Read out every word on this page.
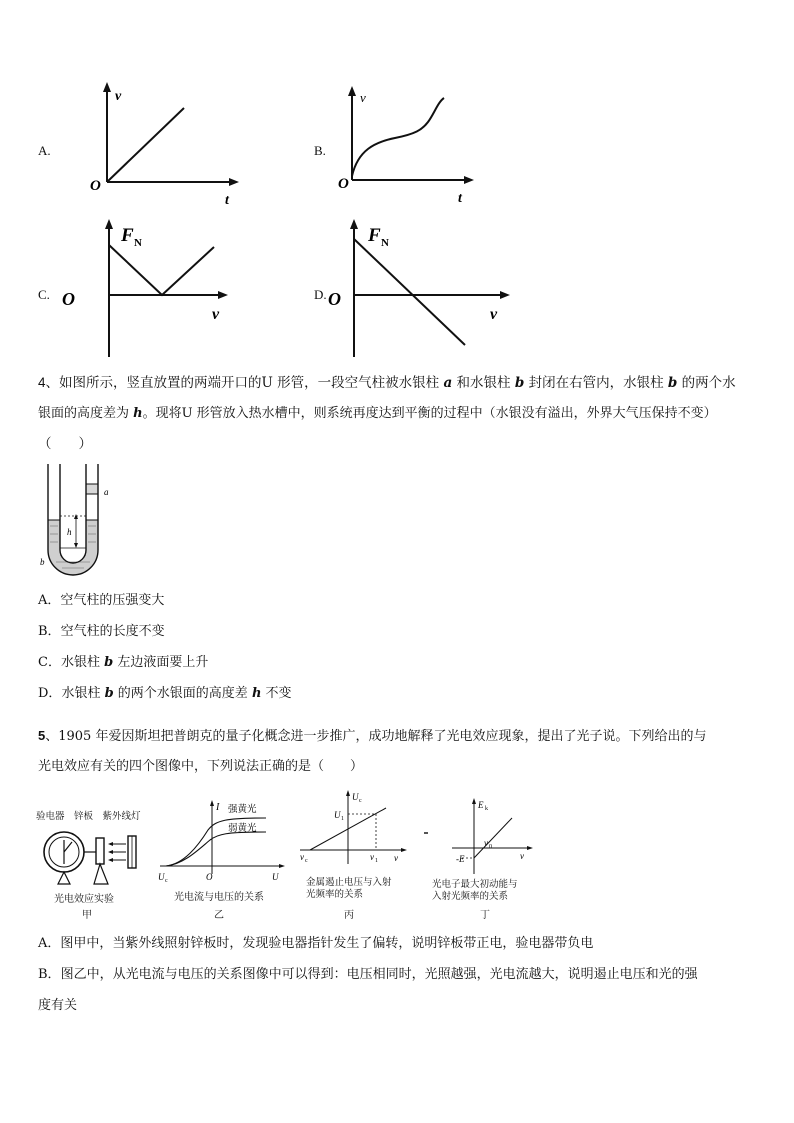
A.
v
O
t
B.
v
O
t
C.
F N
O
v
D.
F N
O
v
4、如图所示，竖直放置的两端开口的U 形管，一段空气柱被水银柱 a 和水银柱 b 封闭在右管内，水银柱 b 的两个水
银面的高度差为 h。现将U 形管放入热水槽中，则系统再度达到平衡的过程中（水银没有溢出，外界大气压保持不变）
（　　）
a
h
b
A．空气柱的压强变大
B．空气柱的长度不变
C．水银柱 b 左边液面要上升
D．水银柱 b 的两个水银面的高度差 h 不变
5、1905 年爱因斯坦把普朗克的量子化概念进一步推广，成功地解释了光电效应现象，提出了光子说。下列给出的与
光电效应有关的四个图像中，下列说法正确的是（　　）
验电器　锌板　紫外线灯
光电效应实验
甲
I 强黄光
弱黄光
U c	O	U
光电流与电压的关系
乙
U c
U 1
ν c	ν 1 ν
金属遏止电压与入射
光频率的关系
丙
E k
-E
ν 0
ν
光电子最大初动能与
入射光频率的关系
丁
A．图甲中，当紫外线照射锌板时，发现验电器指针发生了偏转，说明锌板带正电，验电器带负电
B．图乙中，从光电流与电压的关系图像中可以得到：电压相同时，光照越强，光电流越大，说明遏止电压和光的强
度有关
